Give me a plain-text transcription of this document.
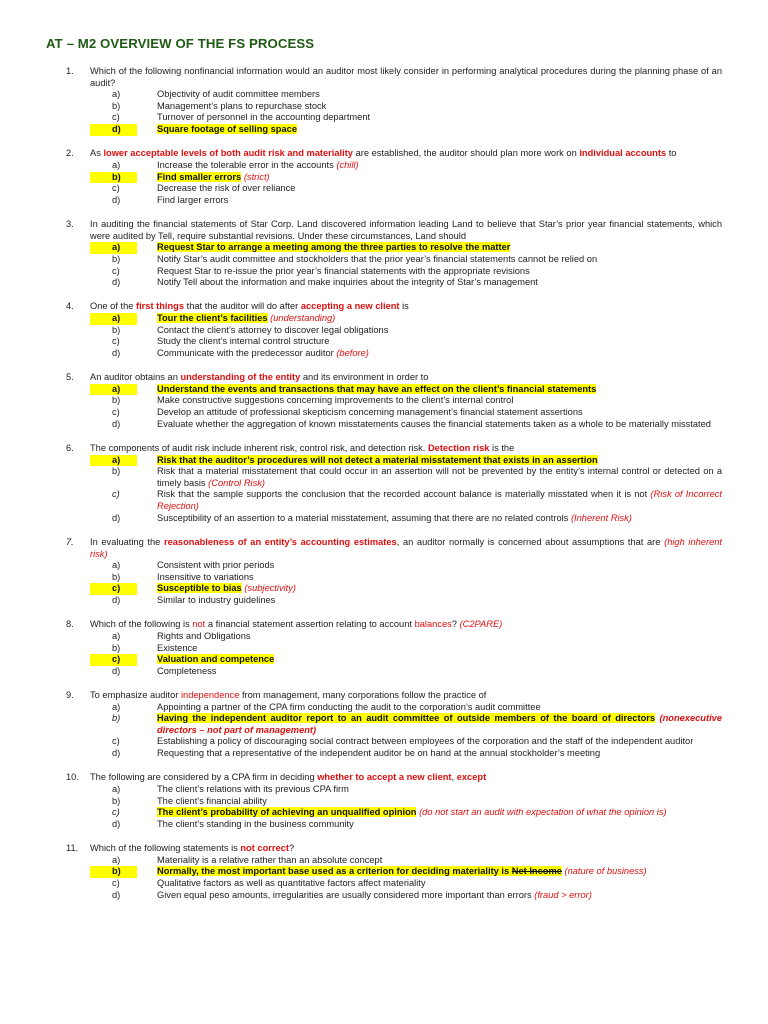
AT – M2 OVERVIEW OF THE FS PROCESS
1.	Which of the following nonfinancial information would an auditor most likely consider in performing analytical procedures during the planning phase of an audit?
a)	Objectivity of audit committee members
b)	Management’s plans to repurchase stock
c)	Turnover of personnel in the accounting department
d)	Square footage of selling space
2.	As lower acceptable levels of both audit risk and materiality are established, the auditor should plan more work on individual accounts to
a)	Increase the tolerable error in the accounts (chill)
b)	Find smaller errors (strict)
c)	Decrease the risk of over reliance
d)	Find larger errors
3.	In auditing the financial statements of Star Corp. Land discovered information leading Land to believe that Star’s prior year financial statements, which were audited by Tell, require substantial revisions. Under these circumstances, Land should
a)	Request Star to arrange a meeting among the three parties to resolve the matter
b)	Notify Star’s audit committee and stockholders that the prior year’s financial statements cannot be relied on
c)	Request Star to re-issue the prior year’s financial statements with the appropriate revisions
d)	Notify Tell about the information and make inquiries about the integrity of Star’s management
4.	One of the first things that the auditor will do after accepting a new client is
a)	Tour the client’s facilities (understanding)
b)	Contact the client’s attorney to discover legal obligations
c)	Study the client’s internal control structure
d)	Communicate with the predecessor auditor (before)
5.	An auditor obtains an understanding of the entity and its environment in order to
a)	Understand the events and transactions that may have an effect on the client’s financial statements
b)	Make constructive suggestions concerning improvements to the client’s internal control
c)	Develop an attitude of professional skepticism concerning management’s financial statement assertions
d)	Evaluate whether the aggregation of known misstatements causes the financial statements taken as a whole to be materially misstated
6.	The components of audit risk include inherent risk, control risk, and detection risk. Detection risk is the
a)	Risk that the auditor’s procedures will not detect a material misstatement that exists in an assertion
b)	Risk that a material misstatement that could occur in an assertion will not be prevented by the entity’s internal control or detected on a timely basis (Control Risk)
c)	Risk that the sample supports the conclusion that the recorded account balance is materially misstated when it is not (Risk of Incorrect Rejection)
d)	Susceptibility of an assertion to a material misstatement, assuming that there are no related controls (Inherent Risk)
7.	In evaluating the reasonableness of an entity’s accounting estimates, an auditor normally is concerned about assumptions that are (high inherent risk)
a)	Consistent with prior periods
b)	Insensitive to variations
c)	Susceptible to bias (subjectivity)
d)	Similar to industry guidelines
8.	Which of the following is not a financial statement assertion relating to account balances? (C2PARE)
a)	Rights and Obligations
b)	Existence
c)	Valuation and competence
d)	Completeness
9.	To emphasize auditor independence from management, many corporations follow the practice of
a)	Appointing a partner of the CPA firm conducting the audit to the corporation’s audit committee
b)	Having the independent auditor report to an audit committee of outside members of the board of directors (nonexecutive directors – not part of management)
c)	Establishing a policy of discouraging social contract between employees of the corporation and the staff of the independent auditor
d)	Requesting that a representative of the independent auditor be on hand at the annual stockholder’s meeting
10.	The following are considered by a CPA firm in deciding whether to accept a new client, except
a)	The client’s relations with its previous CPA firm
b)	The client’s financial ability
c)	The client’s probability of achieving an unqualified opinion (do not start an audit with expectation of what the opinion is)
d)	The client’s standing in the business community
11.	Which of the following statements is not correct?
a)	Materiality is a relative rather than an absolute concept
b)	Normally, the most important base used as a criterion for deciding materiality is Net Income (nature of business)
c)	Qualitative factors as well as quantitative factors affect materiality
d)	Given equal peso amounts, irregularities are usually considered more important than errors (fraud > error)
